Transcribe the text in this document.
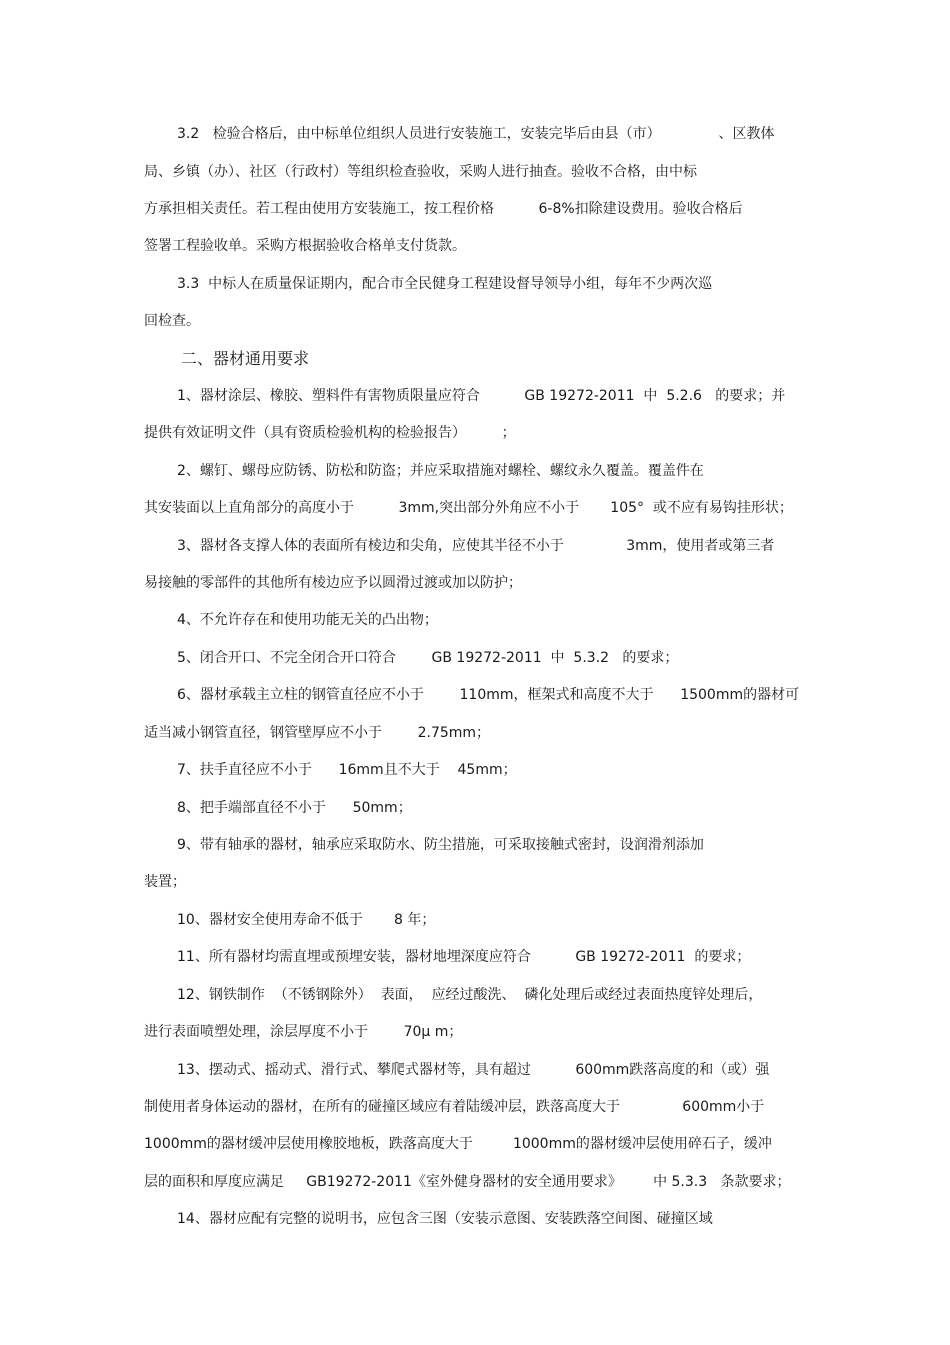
3.2   检验合格后，由中标单位组织人员进行安装施工，安装完毕后由县（市）             、区教体

局、乡镇（办）、社区（行政村）等组织检查验收，采购人进行抽查。验收不合格，由中标

方承担相关责任。若工程由使用方安装施工，按工程价格          6-8%扣除建设费用。验收合格后

签署工程验收单。采购方根据验收合格单支付货款。

3.3  中标人在质量保证期内，配合市全民健身工程建设督导领导小组，每年不少两次巡

回检查。

二、器材通用要求

1、器材涂层、橡胶、塑料件有害物质限量应符合          GB 19272-2011  中  5.2.6   的要求；并

提供有效证明文件（具有资质检验机构的检验报告）        ；

2、螺钉、螺母应防锈、防松和防盗；并应采取措施对螺栓、螺纹永久覆盖。覆盖件在

其安装面以上直角部分的高度小于          3mm,突出部分外角应不小于       105°  或不应有易钩挂形状；

3、器材各支撑人体的表面所有棱边和尖角，应使其半径不小于              3mm，使用者或第三者

易接触的零部件的其他所有棱边应予以圆滑过渡或加以防护；

4、不允许存在和使用功能无关的凸出物；

5、闭合开口、不完全闭合开口符合        GB 19272-2011  中  5.3.2   的要求；

6、器材承载主立柱的钢管直径应不小于        110mm，框架式和高度不大于      1500mm的器材可

适当减小钢管直径，钢管壁厚应不小于        2.75mm；

7、扶手直径应不小于      16mm且不大于    45mm；

8、把手端部直径不小于      50mm；

9、带有轴承的器材，轴承应采取防水、防尘措施，可采取接触式密封，设润滑剂添加

装置；

10、器材安全使用寿命不低于       8 年；

11、所有器材均需直埋或预埋安装，器材地埋深度应符合          GB 19272-2011  的要求；

12、钢铁制作  （不锈钢除外）  表面，  应经过酸洗、  磷化处理后或经过表面热度锌处理后，

进行表面喷塑处理，涂层厚度不小于        70μ m；

13、摆动式、摇动式、滑行式、攀爬式器材等，具有超过          600mm跌落高度的和（或）强

制使用者身体运动的器材，在所有的碰撞区域应有着陆缓冲层，跌落高度大于              600mm小于

1000mm的器材缓冲层使用橡胶地板，跌落高度大于         1000mm的器材缓冲层使用碎石子，缓冲

层的面积和厚度应满足     GB19272-2011《室外健身器材的安全通用要求》       中 5.3.3   条款要求；

14、器材应配有完整的说明书，应包含三图（安装示意图、安装跌落空间图、碰撞区域
